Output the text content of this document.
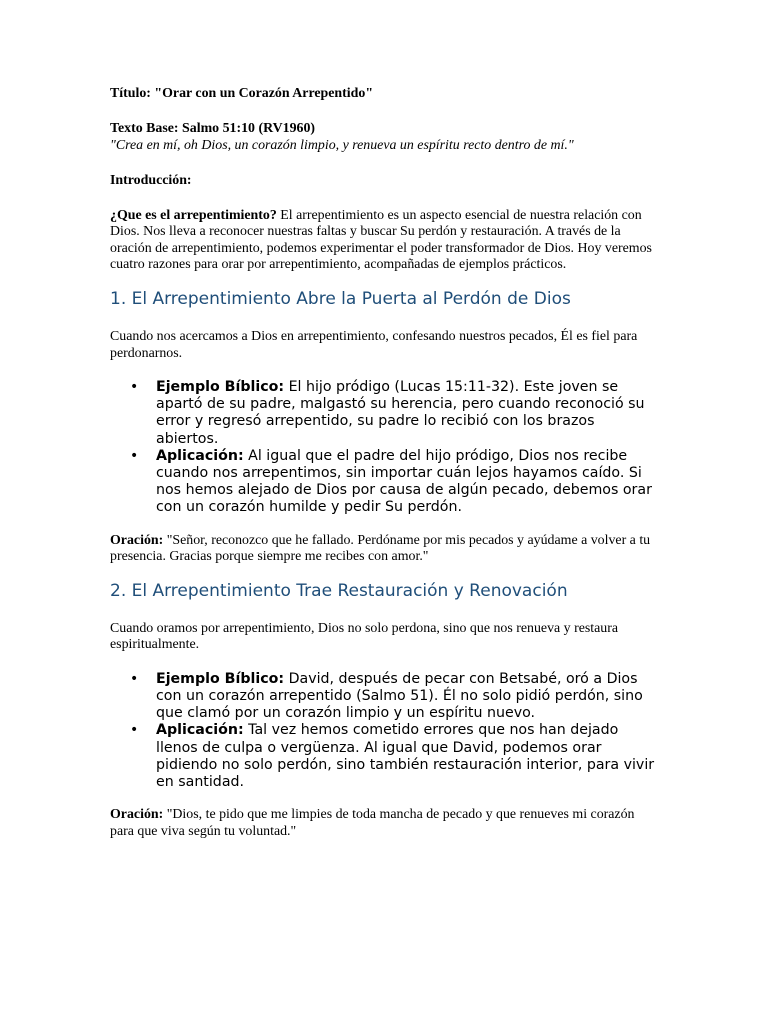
Título: "Orar con un Corazón Arrepentido"

Texto Base: Salmo 51:10 (RV1960)

"Crea en mí, oh Dios, un corazón limpio, y renueva un espíritu recto dentro de mí."

Introducción:

¿Que es el arrepentimiento? El arrepentimiento es un aspecto esencial de nuestra relación con Dios. Nos lleva a reconocer nuestras faltas y buscar Su perdón y restauración. A través de la oración de arrepentimiento, podemos experimentar el poder transformador de Dios. Hoy veremos cuatro razones para orar por arrepentimiento, acompañadas de ejemplos prácticos.

1. El Arrepentimiento Abre la Puerta al Perdón de Dios

Cuando nos acercamos a Dios en arrepentimiento, confesando nuestros pecados, Él es fiel para perdonarnos.

• Ejemplo Bíblico: El hijo pródigo (Lucas 15:11-32). Este joven se apartó de su padre, malgastó su herencia, pero cuando reconoció su error y regresó arrepentido, su padre lo recibió con los brazos abiertos.
• Aplicación: Al igual que el padre del hijo pródigo, Dios nos recibe cuando nos arrepentimos, sin importar cuán lejos hayamos caído. Si nos hemos alejado de Dios por causa de algún pecado, debemos orar con un corazón humilde y pedir Su perdón.

Oración: "Señor, reconozco que he fallado. Perdóname por mis pecados y ayúdame a volver a tu presencia. Gracias porque siempre me recibes con amor."

2. El Arrepentimiento Trae Restauración y Renovación

Cuando oramos por arrepentimiento, Dios no solo perdona, sino que nos renueva y restaura espiritualmente.

• Ejemplo Bíblico: David, después de pecar con Betsabé, oró a Dios con un corazón arrepentido (Salmo 51). Él no solo pidió perdón, sino que clamó por un corazón limpio y un espíritu nuevo.
• Aplicación: Tal vez hemos cometido errores que nos han dejado llenos de culpa o vergüenza. Al igual que David, podemos orar pidiendo no solo perdón, sino también restauración interior, para vivir en santidad.

Oración: "Dios, te pido que me limpies de toda mancha de pecado y que renueves mi corazón para que viva según tu voluntad."
